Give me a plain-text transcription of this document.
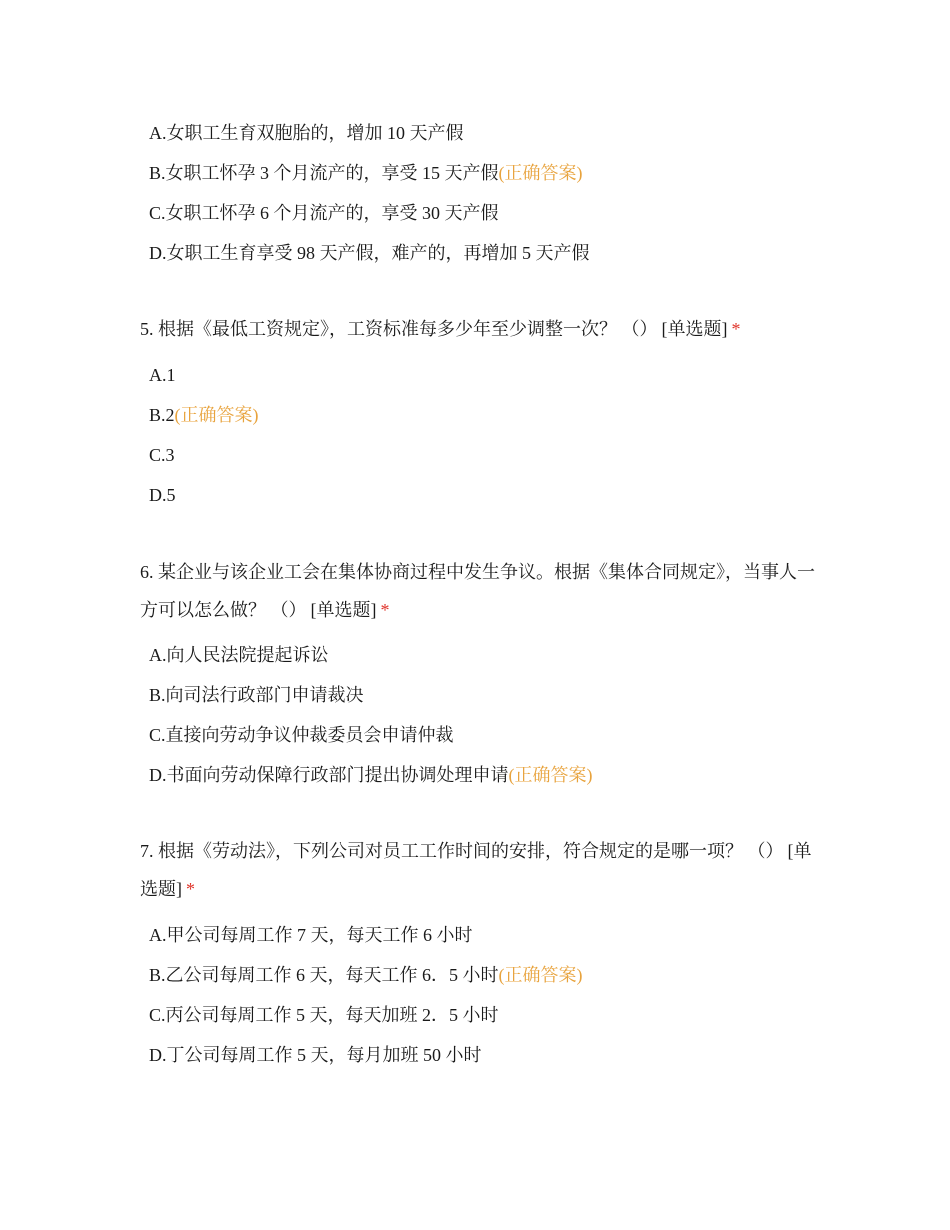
A.女职工生育双胞胎的，增加 10 天产假
B.女职工怀孕 3 个月流产的，享受 15 天产假(正确答案)
C.女职工怀孕 6 个月流产的，享受 30 天产假
D.女职工生育享受 98 天产假，难产的，再增加 5 天产假
5. 根据《最低工资规定》，工资标准每多少年至少调整一次？ （） [单选题] *
A.1
B.2(正确答案)
C.3
D.5
6. 某企业与该企业工会在集体协商过程中发生争议。根据《集体合同规定》，当事人一方可以怎么做？ （） [单选题] *
A.向人民法院提起诉讼
B.向司法行政部门申请裁决
C.直接向劳动争议仲裁委员会申请仲裁
D.书面向劳动保障行政部门提出协调处理申请(正确答案)
7. 根据《劳动法》，下列公司对员工工作时间的安排，符合规定的是哪一项？ （） [单选题] *
A.甲公司每周工作 7 天，每天工作 6 小时
B.乙公司每周工作 6 天，每天工作 6．5 小时(正确答案)
C.丙公司每周工作 5 天，每天加班 2．5 小时
D.丁公司每周工作 5 天，每月加班 50 小时
